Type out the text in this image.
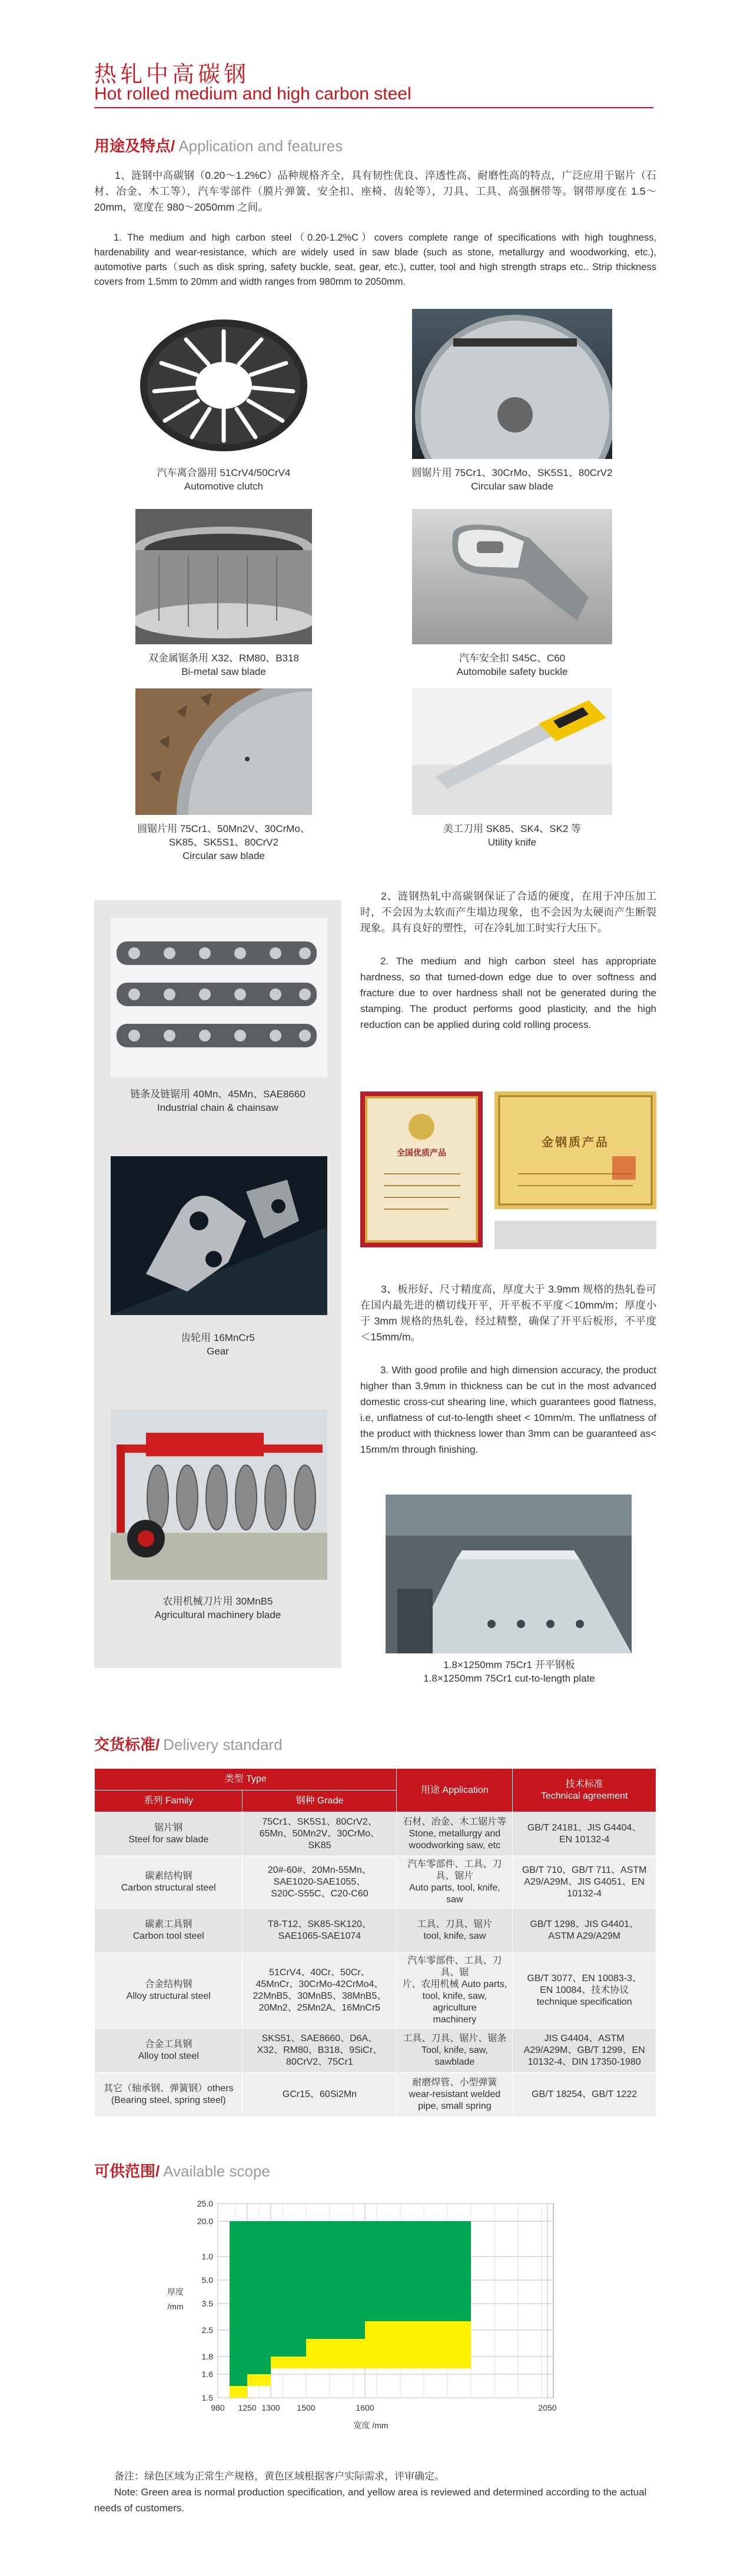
热轧中高碳钢
Hot rolled medium and high carbon steel
用途及特点/ Application and features
1、涟钢中高碳钢（0.20～1.2%C）品种规格齐全，具有韧性优良、淬透性高、耐磨性高的特点，广泛应用于锯片（石材、冶金、木工等），汽车零部件（膜片弹簧、安全扣、座椅、齿轮等），刀具、工具、高强捆带等。钢带厚度在 1.5～20mm，宽度在 980～2050mm 之间。
1. The medium and high carbon steel（0.20-1.2%C）covers complete range of specifications with high toughness, hardenability and wear-resistance, which are widely used in saw blade (such as stone, metallurgy and woodworking, etc.), automotive parts（such as disk spring, safety buckle, seat, gear, etc.), cutter, tool and high strength straps etc.. Strip thickness covers from 1.5mm to 20mm and width ranges from 980mm to 2050mm.
汽车离合器用 51CrV4/50CrV4
Automotive clutch
圆锯片用 75Cr1、30CrMo、SK5S1、80CrV2
Circular saw blade
双金属锯条用 X32、RM80、B318
Bi-metal saw blade
汽车安全扣 S45C、C60
Automobile safety buckle
圆锯片用 75Cr1、50Mn2V、30CrMo、
SK85、SK5S1、80CrV2
Circular saw blade
美工刀用 SK85、SK4、SK2 等
Utility knife
链条及链锯用 40Mn、45Mn、SAE8660
Industrial chain & chainsaw
齿轮用 16MnCr5
Gear
农用机械刀片用 30MnB5
Agricultural machinery blade
2、涟钢热轧中高碳钢保证了合适的硬度，在用于冲压加工时，不会因为太软而产生塌边现象，也不会因为太硬而产生断裂现象。具有良好的塑性，可在冷轧加工时实行大压下。
2. The medium and high carbon steel has appropriate hardness, so that turned-down edge due to over softness and fracture due to over hardness shall not be generated during the stamping. The product performs good plasticity, and the high reduction can be applied during cold rolling process.
全国优质产品
金钢质产品
3、板形好、尺寸精度高，厚度大于 3.9mm 规格的热轧卷可在国内最先进的横切线开平，开平板不平度＜10mm/m；厚度小于 3mm 规格的热轧卷，经过精整，确保了开平后板形，不平度＜15mm/m。
3. With good profile and high dimension accuracy, the product higher than 3.9mm in thickness can be cut in the most advanced domestic cross-cut shearing line, which guarantees good flatness, i.e, unflatness of cut-to-length sheet < 10mm/m. The unflatness of the product with thickness lower than 3mm can be guaranteed as< 15mm/m through finishing.
1.8×1250mm 75Cr1 开平钢板
1.8×1250mm 75Cr1 cut-to-length plate
交货标准/ Delivery standard
类型 Type		用途 Application	技术标准
Technical agreement

系列 Family	钢种 Grade		
锯片钢
Steel for saw blade	75Cr1、SK5S1、80CrV2、
65Mn、50Mn2V、30CrMo、
SK85	石材、冶金、木工锯片等
Stone, metallurgy and
woodworking saw, etc	GB/T 24181、JIS G4404、
EN 10132-4
碳素结构钢
Carbon structural steel	20#-60#、20Mn-55Mn、
SAE1020-SAE1055、
S20C-S55C、C20-C60	汽车零部件、工具、刀具、锯片
Auto parts, tool, knife, saw	GB/T 710、GB/T 711、ASTM
A29/A29M、JIS G4051、EN
10132-4
碳素工具钢
Carbon tool steel	T8-T12、SK85-SK120、
SAE1065-SAE1074	工具、刀具、锯片
tool, knife, saw	GB/T 1298、JIS G4401、
ASTM A29/A29M
合金结构钢
Alloy structural steel	51CrV4、40Cr、50Cr、
45MnCr、30CrMo-42CrMo4、
22MnB5、30MnB5、38MnB5、
20Mn2、25Mn2A、16MnCr5	汽车零部件、工具、刀具、锯
片、农用机械 Auto parts,
tool, knife, saw, agriculture
machinery	GB/T 3077、EN 10083-3、
EN 10084、技术协议
technique specification
合金工具钢
Alloy tool steel	SKS51、SAE8660、D6A、
X32、RM80、B318、9SiCr、
80CrV2、75Cr1	工具、刀具、锯片、锯条
Tool, knife, saw, sawblade	JIS G4404、ASTM
A29/A29M、GB/T 1299、EN
10132-4、DIN 17350-1980
其它（轴承钢、弹簧钢）others
(Bearing steel, spring steel)	GCr15、60Si2Mn	耐磨焊管、小型弹簧
wear-resistant welded
pipe, small spring	GB/T 18254、GB/T 1222
可供范围/ Available scope
25.0
20.0
1.0
5.0
3.5
2.5
1.8
1.6
1.5
980 1250 1300 1500	1600	2050
厚度
/mm
宽度 /mm
备注：绿色区域为正常生产规格，黄色区域根据客户实际需求，评审确定。
Note: Green area is normal production specification, and yellow area is reviewed and determined according to the actual needs of customers.
